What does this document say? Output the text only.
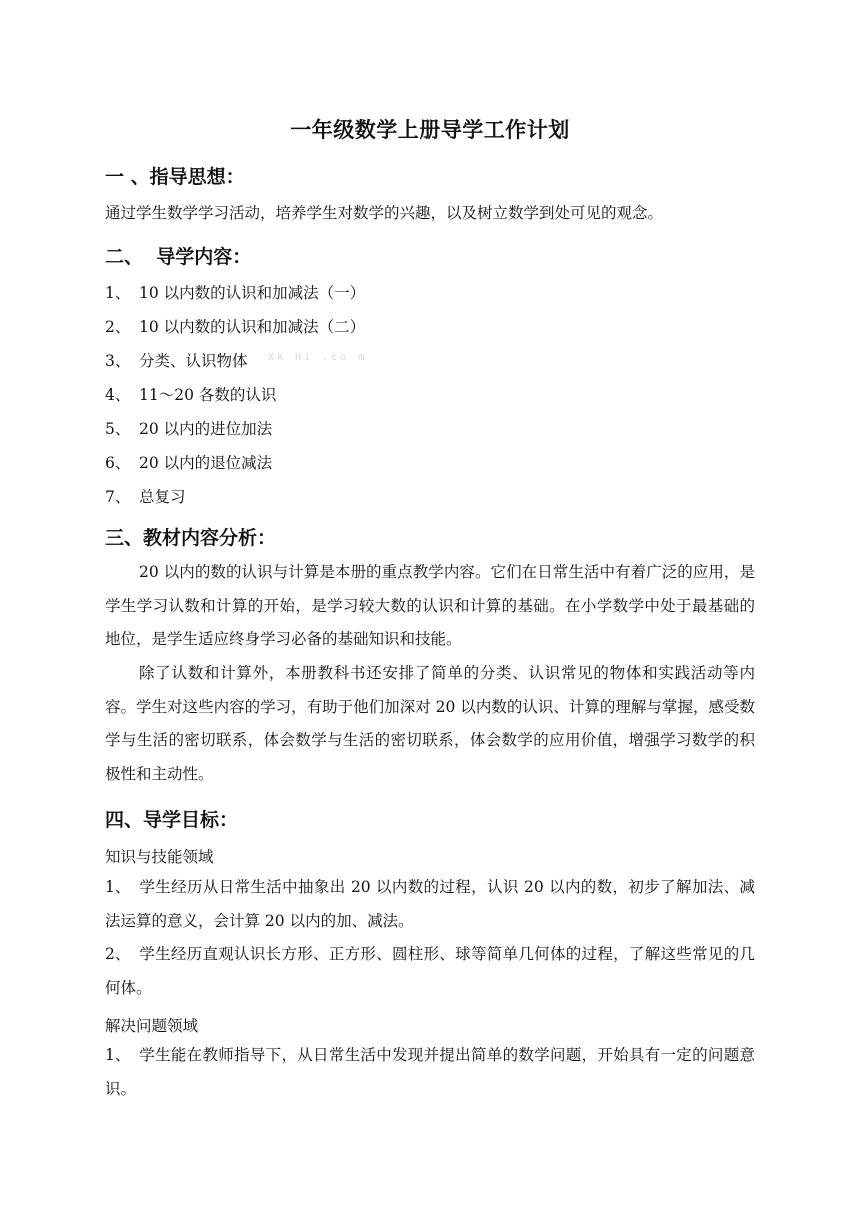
一年级数学上册导学工作计划
一 、指导思想：
通过学生数学学习活动，培养学生对数学的兴趣，以及树立数学到处可见的观念。
二、  导学内容：
1、 10 以内数的认识和加减法（一）
2、 10 以内数的认识和加减法（二）
3、 分类、认识物体 Xk Hi .co m
4、 11～20 各数的认识
5、 20 以内的进位加法
6、 20 以内的退位减法
7、 总复习
三、教材内容分析：
20 以内的数的认识与计算是本册的重点教学内容。它们在日常生活中有着广泛的应用，是学生学习认数和计算的开始，是学习较大数的认识和计算的基础。在小学数学中处于最基础的地位，是学生适应终身学习必备的基础知识和技能。
除了认数和计算外，本册教科书还安排了简单的分类、认识常见的物体和实践活动等内容。学生对这些内容的学习，有助于他们加深对 20 以内数的认识、计算的理解与掌握，感受数学与生活的密切联系，体会数学与生活的密切联系，体会数学的应用价值，增强学习数学的积极性和主动性。
四、导学目标：
知识与技能领域
1、 学生经历从日常生活中抽象出 20 以内数的过程，认识 20 以内的数，初步了解加法、减法运算的意义，会计算 20 以内的加、减法。
2、 学生经历直观认识长方形、正方形、圆柱形、球等简单几何体的过程，了解这些常见的几何体。
解决问题领域
1、 学生能在教师指导下，从日常生活中发现并提出简单的数学问题，开始具有一定的问题意识。
